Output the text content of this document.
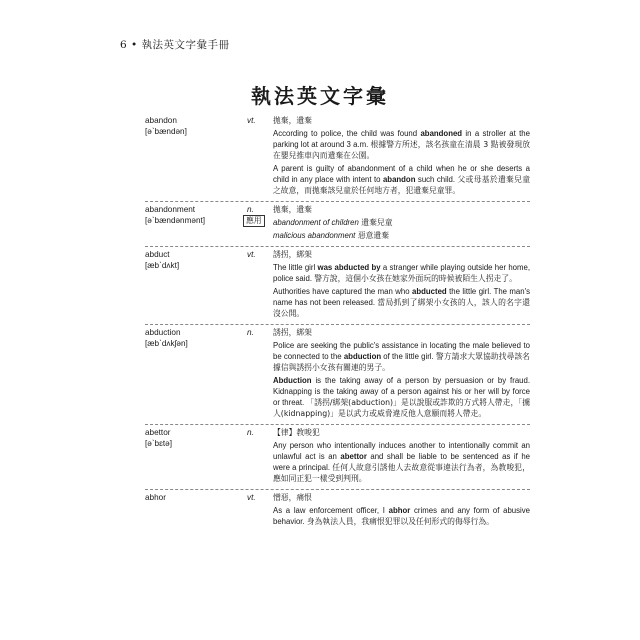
6 • 執法英文字彙手冊
執法英文字彙
abandon
[əˋbændən]
vt. 拋棄，遺棄

According to police, the child was found abandoned in a stroller at the parking lot at around 3 a.m. 根據警方所述，該名孩童在清晨 3 點被發現放在嬰兒推車內而遺棄在公園。

A parent is guilty of abandonment of a child when he or she deserts a child in any place with intent to abandon such child. 父或母基於遺棄兒童之故意，而拋棄該兒童於任何地方者，犯遺棄兒童罪。

abandonment
[əˋbændənmənt]
n.
應用

拋棄，遺棄

abandonment of children 遺棄兒童

malicious abandonment 惡意遺棄

abduct
[æbˋdʌkt]
vt. 誘拐，綁架

The little girl was abducted by a stranger while playing outside her home, police said. 警方說，這個小女孩在她家外面玩的時候被陌生人拐走了。

Authorities have captured the man who abducted the little girl. The man's name has not been released. 當局抓到了綁架小女孩的人，該人的名字還沒公開。

abduction
[æbˋdʌkʃən]
n. 誘拐，綁架

Police are seeking the public's assistance in locating the male believed to be connected to the abduction of the little girl. 警方請求大眾協助找尋該名據信與誘拐小女孩有關連的男子。

Abduction is the taking away of a person by persuasion or by fraud. Kidnapping is the taking away of a person against his or her will by force or threat. 「誘拐/綁架(abduction)」是以說服或詐欺的方式將人帶走，「擄人(kidnapping)」是以武力或威脅違反他人意願而將人帶走。

abettor
[əˋbɛtə]
n. 【律】教唆犯

Any person who intentionally induces another to intentionally commit an unlawful act is an abettor and shall be liable to be sentenced as if he were a principal. 任何人故意引誘他人去故意從事違法行為者，為教唆犯，應如同正犯一樣受到判刑。

abhor	vt. 憎惡，痛恨

As a law enforcement officer, I abhor crimes and any form of abusive behavior. 身為執法人員，我痛恨犯罪以及任何形式的侮辱行為。
